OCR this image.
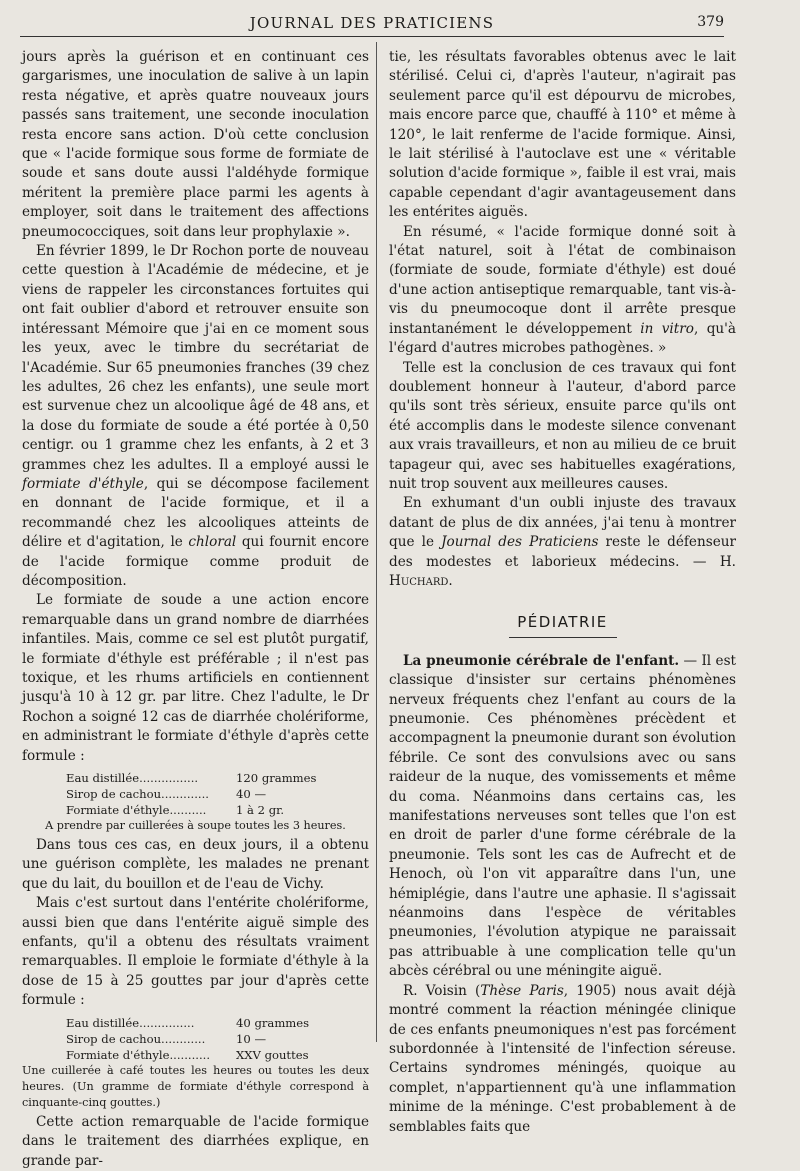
JOURNAL DES PRATICIENS	379

jours après la guérison et en continuant ces gargarismes, une inoculation de salive à un lapin resta négative, et après quatre nouveaux jours passés sans traitement, une seconde inoculation resta encore sans action. D'où cette conclusion que « l'acide formique sous forme de formiate de soude et sans doute aussi l'aldéhyde formique méritent la première place parmi les agents à employer, soit dans le traitement des affections pneumococciques, soit dans leur prophylaxie ».

En février 1899, le Dr Rochon porte de nouveau cette question à l'Académie de médecine, et je viens de rappeler les circonstances fortuites qui ont fait oublier d'abord et retrouver ensuite son intéressant Mémoire que j'ai en ce moment sous les yeux, avec le timbre du secrétariat de l'Académie. Sur 65 pneumonies franches (39 chez les adultes, 26 chez les enfants), une seule mort est survenue chez un alcoolique âgé de 48 ans, et la dose du formiate de soude a été portée à 0,50 centigr. ou 1 gramme chez les enfants, à 2 et 3 grammes chez les adultes. Il a employé aussi le formiate d'éthyle, qui se décompose facilement en donnant de l'acide formique, et il a recommandé chez les alcooliques atteints de délire et d'agitation, le chloral qui fournit encore de l'acide formique comme produit de décomposition.

Le formiate de soude a une action encore remarquable dans un grand nombre de diarrhées infantiles. Mais, comme ce sel est plutôt purgatif, le formiate d'éthyle est préférable ; il n'est pas toxique, et les rhums artificiels en contiennent jusqu'à 10 à 12 gr. par litre. Chez l'adulte, le Dr Rochon a soigné 12 cas de diarrhée cholériforme, en administrant le formiate d'éthyle d'après cette formule :

Eau distillée................	120 grammes
Sirop de cachou.............	40 —
Formiate d'éthyle..........	1 à 2 gr.
A prendre par cuillerées à soupe toutes les 3 heures.

Dans tous ces cas, en deux jours, il a obtenu une guérison complète, les malades ne prenant que du lait, du bouillon et de l'eau de Vichy.

Mais c'est surtout dans l'entérite cholériforme, aussi bien que dans l'entérite aiguë simple des enfants, qu'il a obtenu des résultats vraiment remarquables. Il emploie le formiate d'éthyle à la dose de 15 à 25 gouttes par jour d'après cette formule :

Eau distillée...............	40 grammes
Sirop de cachou............	10 —
Formiate d'éthyle...........	XXV gouttes
Une cuillerée à café toutes les heures ou toutes les deux heures. (Un gramme de formiate d'éthyle correspond à cinquante-cinq gouttes.)

Cette action remarquable de l'acide formique dans le traitement des diarrhées explique, en grande par-

tie, les résultats favorables obtenus avec le lait stérilisé. Celui ci, d'après l'auteur, n'agirait pas seulement parce qu'il est dépourvu de microbes, mais encore parce que, chauffé à 110° et même à 120°, le lait renferme de l'acide formique. Ainsi, le lait stérilisé à l'autoclave est une « véritable solution d'acide formique », faible il est vrai, mais capable cependant d'agir avantageusement dans les entérites aiguës.

En résumé, « l'acide formique donné soit à l'état naturel, soit à l'état de combinaison (formiate de soude, formiate d'éthyle) est doué d'une action antiseptique remarquable, tant vis-à-vis du pneumocoque dont il arrête presque instantanément le développement in vitro, qu'à l'égard d'autres microbes pathogènes. »

Telle est la conclusion de ces travaux qui font doublement honneur à l'auteur, d'abord parce qu'ils sont très sérieux, ensuite parce qu'ils ont été accomplis dans le modeste silence convenant aux vrais travailleurs, et non au milieu de ce bruit tapageur qui, avec ses habituelles exagérations, nuit trop souvent aux meilleures causes.

En exhumant d'un oubli injuste des travaux datant de plus de dix années, j'ai tenu à montrer que le Journal des Praticiens reste le défenseur des modestes et laborieux médecins. — H. Huchard.

PÉDIATRIE

La pneumonie cérébrale de l'enfant. — Il est classique d'insister sur certains phénomènes nerveux fréquents chez l'enfant au cours de la pneumonie. Ces phénomènes précèdent et accompagnent la pneumonie durant son évolution fébrile. Ce sont des convulsions avec ou sans raideur de la nuque, des vomissements et même du coma. Néanmoins dans certains cas, les manifestations nerveuses sont telles que l'on est en droit de parler d'une forme cérébrale de la pneumonie. Tels sont les cas de Aufrecht et de Henoch, où l'on vit apparaître dans l'un, une hémiplégie, dans l'autre une aphasie. Il s'agissait néanmoins dans l'espèce de véritables pneumonies, l'évolution atypique ne paraissait pas attribuable à une complication telle qu'un abcès cérébral ou une méningite aiguë.

R. Voisin (Thèse Paris, 1905) nous avait déjà montré comment la réaction méningée clinique de ces enfants pneumoniques n'est pas forcément subordonnée à l'intensité de l'infection séreuse. Certains syndromes méningés, quoique au complet, n'appartiennent qu'à une inflammation minime de la méninge. C'est probablement à de semblables faits que
